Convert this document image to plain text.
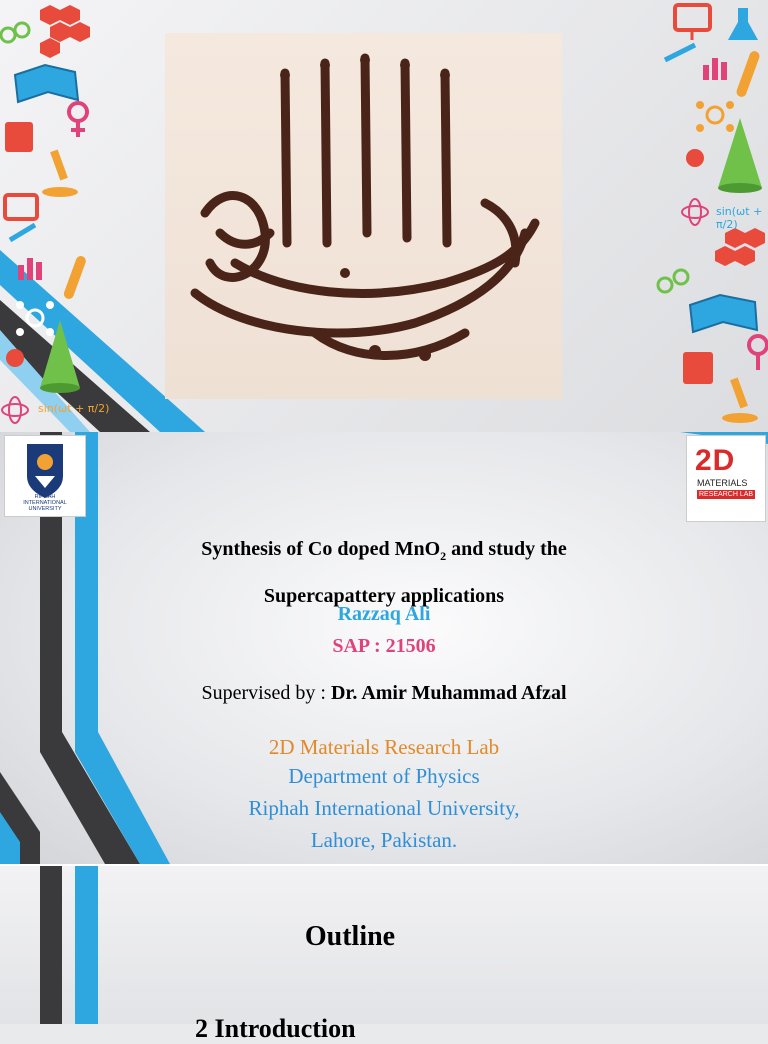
sin(ωt + π/2)
sin(ωt + π/2)
RIPHAH
INTERNATIONAL
UNIVERSITY
2D
MATERIALS
RESEARCH LAB
Synthesis of Co doped MnO$_2$ and study the
Supercapattery applications
Razzaq Ali
SAP : 21506
Supervised by : Dr. Amir Muhammad Afzal
2D Materials Research Lab
Department of Physics
Riphah International University,
Lahore, Pakistan.
Outline
2 Introduction
